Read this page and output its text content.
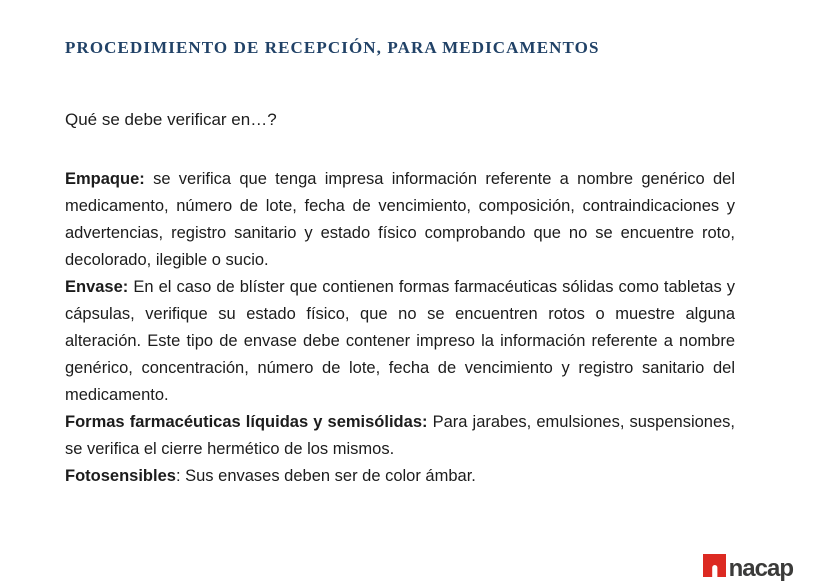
PROCEDIMIENTO DE RECEPCIÓN, PARA MEDICAMENTOS

Qué se debe verificar en…?

Empaque: se verifica que tenga impresa información referente a nombre genérico del medicamento, número de lote, fecha de vencimiento, composición, contraindicaciones y advertencias, registro sanitario y estado físico comprobando que no se encuentre roto, decolorado, ilegible o sucio.

Envase: En el caso de blíster que contienen formas farmacéuticas sólidas como tabletas y cápsulas, verifique su estado físico, que no se encuentren rotos o muestre alguna alteración. Este tipo de envase debe contener impreso la información referente a nombre genérico, concentración, número de lote, fecha de vencimiento y registro sanitario del medicamento.

Formas farmacéuticas líquidas y semisólidas: Para jarabes, emulsiones, suspensiones, se verifica el cierre hermético de los mismos.

Fotosensibles: Sus envases deben ser de color ámbar.

nacap
